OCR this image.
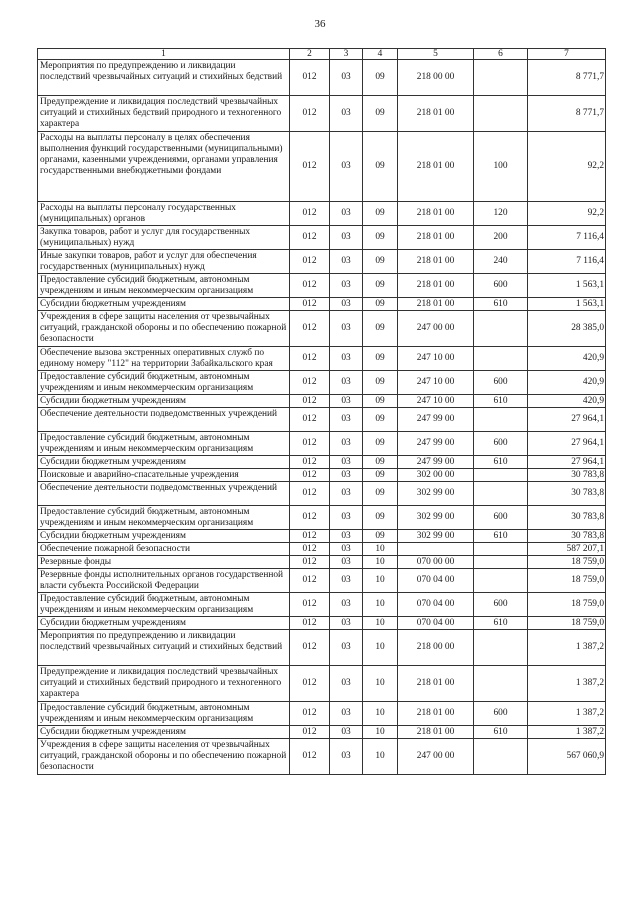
36
1	2	3	4	5	6	7
Мероприятия по предупреждению и ликвидации последствий чрезвычайных ситуаций и стихийных бедствий	012	03	09	218 00 00		8 771,7
Предупреждение и ликвидация последствий чрезвычайных ситуаций и стихийных бедствий природного и техногенного характера	012	03	09	218 01 00		8 771,7
Расходы на выплаты персоналу в целях обеспечения выполнения функций государственными (муниципальными) органами, казенными учреждениями, органами управления государственными внебюджетными фондами	012	03	09	218 01 00	100	92,2
Расходы на выплаты персоналу государственных (муниципальных) органов	012	03	09	218 01 00	120	92,2
Закупка товаров, работ и услуг для государственных (муниципальных) нужд	012	03	09	218 01 00	200	7 116,4
Иные закупки товаров, работ и услуг для обеспечения государственных (муниципальных) нужд	012	03	09	218 01 00	240	7 116,4
Предоставление субсидий бюджетным, автономным учреждениям и иным некоммерческим организациям	012	03	09	218 01 00	600	1 563,1
Субсидии бюджетным учреждениям	012	03	09	218 01 00	610	1 563,1
Учреждения в сфере защиты населения от чрезвычайных ситуаций, гражданской обороны и по обеспечению пожарной безопасности	012	03	09	247 00 00		28 385,0
Обеспечение вызова экстренных оперативных служб по единому номеру "112" на территории Забайкальского края	012	03	09	247 10 00		420,9
Предоставление субсидий бюджетным, автономным учреждениям и иным некоммерческим организациям	012	03	09	247 10 00	600	420,9
Субсидии бюджетным учреждениям	012	03	09	247 10 00	610	420,9
Обеспечение деятельности подведомственных учреждений	012	03	09	247 99 00		27 964,1
Предоставление субсидий бюджетным, автономным учреждениям и иным некоммерческим организациям	012	03	09	247 99 00	600	27 964,1
Субсидии бюджетным учреждениям	012	03	09	247 99 00	610	27 964,1
Поисковые и аварийно-спасательные учреждения	012	03	09	302 00 00		30 783,8
Обеспечение деятельности подведомственных учреждений	012	03	09	302 99 00		30 783,8
Предоставление субсидий бюджетным, автономным учреждениям и иным некоммерческим организациям	012	03	09	302 99 00	600	30 783,8
Субсидии бюджетным учреждениям	012	03	09	302 99 00	610	30 783,8
Обеспечение пожарной безопасности	012	03	10			587 207,1
Резервные фонды	012	03	10	070 00 00		18 759,0
Резервные фонды исполнительных органов государственной власти субъекта Российской Федерации	012	03	10	070 04 00		18 759,0
Предоставление субсидий бюджетным, автономным учреждениям и иным некоммерческим организациям	012	03	10	070 04 00	600	18 759,0
Субсидии бюджетным учреждениям	012	03	10	070 04 00	610	18 759,0
Мероприятия по предупреждению и ликвидации последствий чрезвычайных ситуаций и стихийных бедствий	012	03	10	218 00 00		1 387,2
Предупреждение и ликвидация последствий чрезвычайных ситуаций и стихийных бедствий природного и техногенного характера	012	03	10	218 01 00		1 387,2
Предоставление субсидий бюджетным, автономным учреждениям и иным некоммерческим организациям	012	03	10	218 01 00	600	1 387,2
Субсидии бюджетным учреждениям	012	03	10	218 01 00	610	1 387,2
Учреждения в сфере защиты населения от чрезвычайных ситуаций, гражданской обороны и по обеспечению пожарной безопасности	012	03	10	247 00 00		567 060,9
